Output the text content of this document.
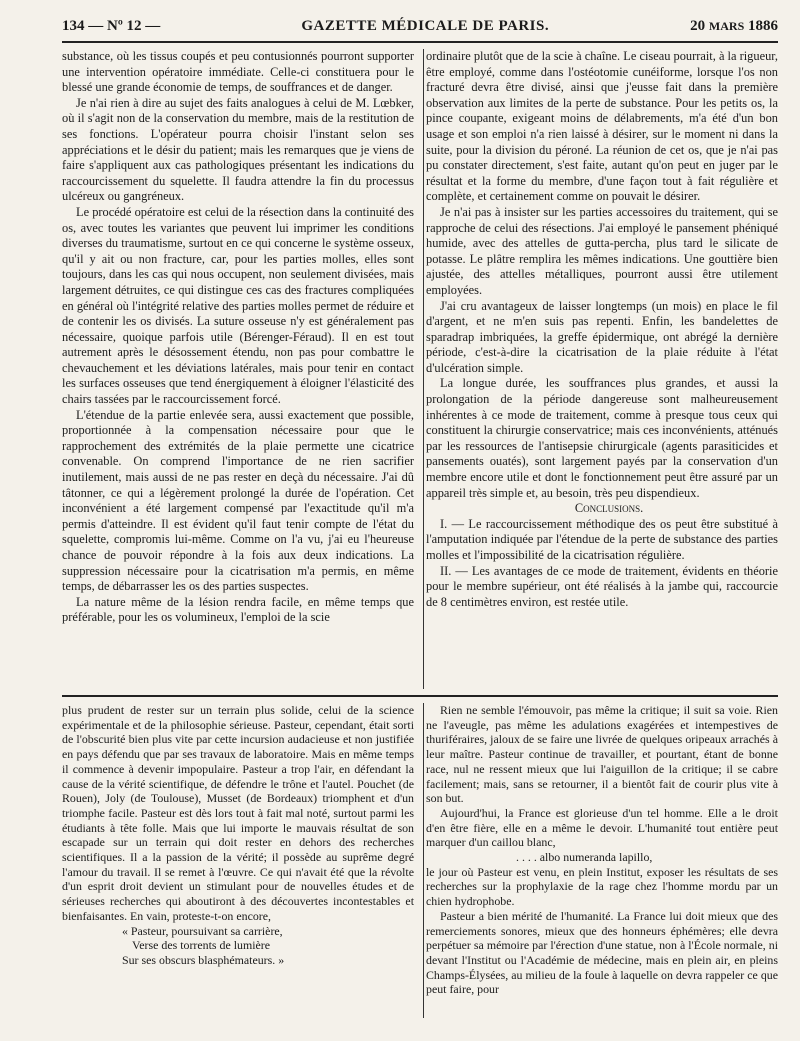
134 — Nº 12 —	GAZETTE MÉDICALE DE PARIS.	20 MARS 1886

substance, où les tissus coupés et peu contusionnés pourront supporter une intervention opératoire immédiate. Celle-ci constituera pour le blessé une grande économie de temps, de souffrances et de danger.

Je n'ai rien à dire au sujet des faits analogues à celui de M. Lœbker, où il s'agit non de la conservation du membre, mais de la restitution de ses fonctions. L'opérateur pourra choisir l'instant selon ses appréciations et le désir du patient; mais les remarques que je viens de faire s'appliquent aux cas pathologiques présentant les indications du raccourcissement du squelette. Il faudra attendre la fin du processus ulcéreux ou gangréneux.

Le procédé opératoire est celui de la résection dans la continuité des os, avec toutes les variantes que peuvent lui imprimer les conditions diverses du traumatisme, surtout en ce qui concerne le système osseux, qu'il y ait ou non fracture, car, pour les parties molles, elles sont toujours, dans les cas qui nous occupent, non seulement divisées, mais largement détruites, ce qui distingue ces cas des fractures compliquées en général où l'intégrité relative des parties molles permet de réduire et de contenir les os divisés. La suture osseuse n'y est généralement pas nécessaire, quoique parfois utile (Bérenger-Féraud). Il en est tout autrement après le désossement étendu, non pas pour combattre le chevauchement et les déviations latérales, mais pour tenir en contact les surfaces osseuses que tend énergiquement à éloigner l'élasticité des chairs tassées par le raccourcissement forcé.

L'étendue de la partie enlevée sera, aussi exactement que possible, proportionnée à la compensation nécessaire pour que le rapprochement des extrémités de la plaie permette une cicatrice convenable. On comprend l'importance de ne rien sacrifier inutilement, mais aussi de ne pas rester en deçà du nécessaire. J'ai dû tâtonner, ce qui a légèrement prolongé la durée de l'opération. Cet inconvénient a été largement compensé par l'exactitude qu'il m'a permis d'atteindre. Il est évident qu'il faut tenir compte de l'état du squelette, compromis lui-même. Comme on l'a vu, j'ai eu l'heureuse chance de pouvoir répondre à la fois aux deux indications. La suppression nécessaire pour la cicatrisation m'a permis, en même temps, de débarrasser les os des parties suspectes.

La nature même de la lésion rendra facile, en même temps que préférable, pour les os volumineux, l'emploi de la scie

ordinaire plutôt que de la scie à chaîne. Le ciseau pourrait, à la rigueur, être employé, comme dans l'ostéotomie cunéiforme, lorsque l'os non fracturé devra être divisé, ainsi que j'eusse fait dans la première observation aux limites de la perte de substance. Pour les petits os, la pince coupante, exigeant moins de délabrements, m'a été d'un bon usage et son emploi n'a rien laissé à désirer, sur le moment ni dans la suite, pour la division du péroné. La réunion de cet os, que je n'ai pas pu constater directement, s'est faite, autant qu'on peut en juger par le résultat et la forme du membre, d'une façon tout à fait régulière et complète, et certainement comme on pouvait le désirer.

Je n'ai pas à insister sur les parties accessoires du traitement, qui se rapproche de celui des résections. J'ai employé le pansement phéniqué humide, avec des attelles de gutta-percha, plus tard le silicate de potasse. Le plâtre remplira les mêmes indications. Une gouttière bien ajustée, des attelles métalliques, pourront aussi être utilement employées.

J'ai cru avantageux de laisser longtemps (un mois) en place le fil d'argent, et ne m'en suis pas repenti. Enfin, les bandelettes de sparadrap imbriquées, la greffe épidermique, ont abrégé la dernière période, c'est-à-dire la cicatrisation de la plaie réduite à l'état d'ulcération simple.

La longue durée, les souffrances plus grandes, et aussi la prolongation de la période dangereuse sont malheureusement inhérentes à ce mode de traitement, comme à presque tous ceux qui constituent la chirurgie conservatrice; mais ces inconvénients, atténués par les ressources de l'antisepsie chirurgicale (agents parasiticides et pansements ouatés), sont largement payés par la conservation d'un membre encore utile et dont le fonctionnement peut être assuré par un appareil très simple et, au besoin, très peu dispendieux.

Conclusions.

I. — Le raccourcissement méthodique des os peut être substitué à l'amputation indiquée par l'étendue de la perte de substance des parties molles et l'impossibilité de la cicatrisation régulière.

II. — Les avantages de ce mode de traitement, évidents en théorie pour le membre supérieur, ont été réalisés à la jambe qui, raccourcie de 8 centimètres environ, est restée utile.

plus prudent de rester sur un terrain plus solide, celui de la science expérimentale et de la philosophie sérieuse. Pasteur, cependant, était sorti de l'obscurité bien plus vite par cette incursion audacieuse et non justifiée en pays défendu que par ses travaux de laboratoire. Mais en même temps il commence à devenir impopulaire. Pasteur a trop l'air, en défendant la cause de la vérité scientifique, de défendre le trône et l'autel. Pouchet (de Rouen), Joly (de Toulouse), Musset (de Bordeaux) triomphent et d'un triomphe facile. Pasteur est dès lors tout à fait mal noté, surtout parmi les étudiants à tête folle. Mais que lui importe le mauvais résultat de son escapade sur un terrain qui doit rester en dehors des recherches scientifiques. Il a la passion de la vérité; il possède au suprême degré l'amour du travail. Il se remet à l'œuvre. Ce qui n'avait été que la révolte d'un esprit droit devient un stimulant pour de nouvelles études et de sérieuses recherches qui aboutiront à des découvertes incontestables et bienfaisantes. En vain, proteste-t-on encore,

« Pasteur, poursuivant sa carrière,

Verse des torrents de lumière

Sur ses obscurs blasphémateurs. »

Rien ne semble l'émouvoir, pas même la critique; il suit sa voie. Rien ne l'aveugle, pas même les adulations exagérées et intempestives de thuriféraires, jaloux de se faire une livrée de quelques oripeaux arrachés à leur maître. Pasteur continue de travailler, et pourtant, étant de bonne race, nul ne ressent mieux que lui l'aiguillon de la critique; il se cabre facilement; mais, sans se retourner, il a bientôt fait de courir plus vite à son but.

Aujourd'hui, la France est glorieuse d'un tel homme. Elle a le droit d'en être fière, elle en a même le devoir. L'humanité tout entière peut marquer d'un caillou blanc,

. . . . albo numeranda lapillo,

le jour où Pasteur est venu, en plein Institut, exposer les résultats de ses recherches sur la prophylaxie de la rage chez l'homme mordu par un chien hydrophobe.

Pasteur a bien mérité de l'humanité. La France lui doit mieux que des remerciements sonores, mieux que des honneurs éphémères; elle devra perpétuer sa mémoire par l'érection d'une statue, non à l'École normale, ni devant l'Institut ou l'Académie de médecine, mais en plein air, en pleins Champs-Élysées, au milieu de la foule à laquelle on devra rappeler ce que peut faire, pour
